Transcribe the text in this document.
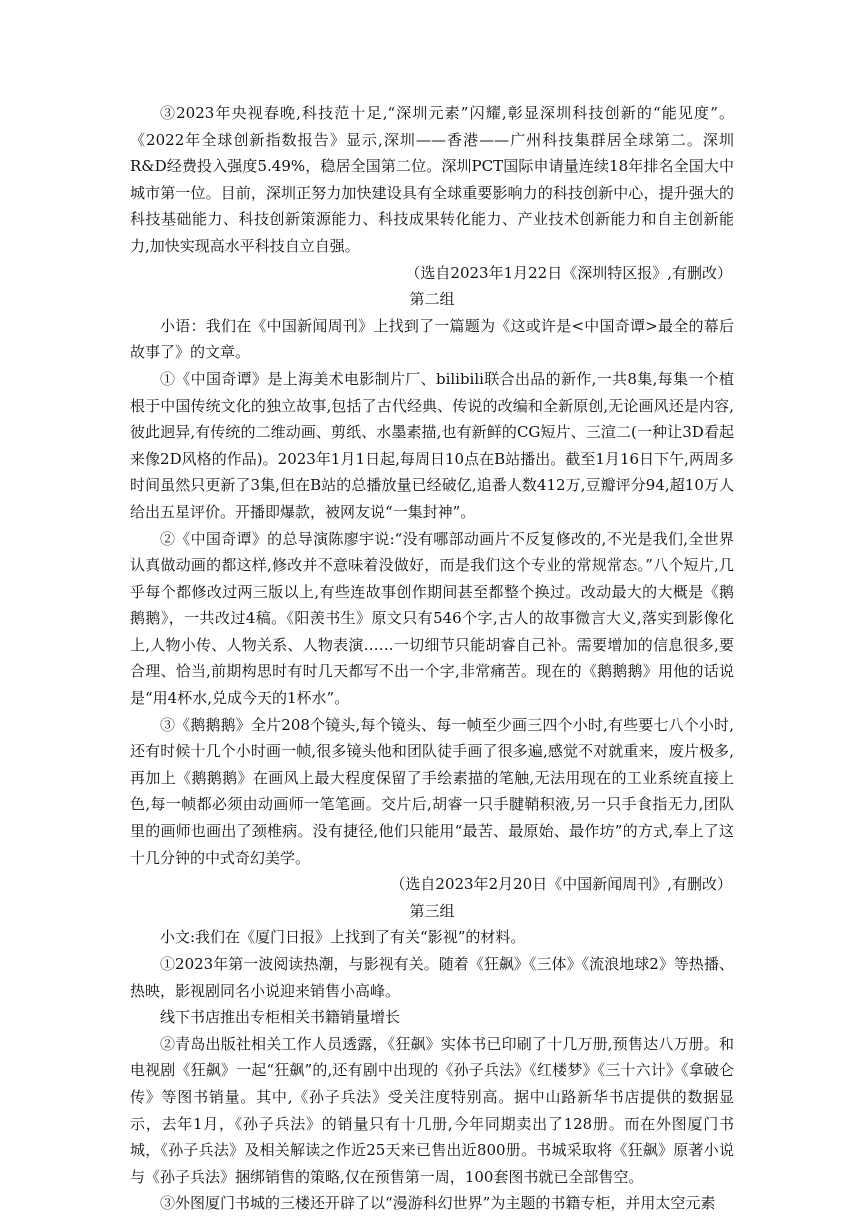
③2023年央视春晚,科技范十足,“深圳元素”闪耀,彰显深圳科技创新的“能见度”。《2022年全球创新指数报告》显示,深圳——香港——广州科技集群居全球第二。深圳R&D经费投入强度5.49%，稳居全国第二位。深圳PCT国际申请量连续18年排名全国大中城市第一位。目前，深圳正努力加快建设具有全球重要影响力的科技创新中心，提升强大的科技基础能力、科技创新策源能力、科技成果转化能力、产业技术创新能力和自主创新能力,加快实现高水平科技自立自强。

（选自2023年1月22日《深圳特区报》,有删改）

第二组

小语：我们在《中国新闻周刊》上找到了一篇题为《这或许是<中国奇谭>最全的幕后故事了》的文章。

①《中国奇谭》是上海美术电影制片厂、bilibili联合出品的新作,一共8集,每集一个植根于中国传统文化的独立故事,包括了古代经典、传说的改编和全新原创,无论画风还是内容,彼此迥异,有传统的二维动画、剪纸、水墨素描,也有新鲜的CG短片、三渲二(一种让3D看起来像2D风格的作品)。2023年1月1日起,每周日10点在B站播出。截至1月16日下午,两周多时间虽然只更新了3集,但在B站的总播放量已经破亿,追番人数412万,豆瓣评分94,超10万人给出五星评价。开播即爆款，被网友说“一集封神”。

②《中国奇谭》的总导演陈廖宇说:“没有哪部动画片不反复修改的,不光是我们,全世界认真做动画的都这样,修改并不意味着没做好，而是我们这个专业的常规常态。”八个短片,几乎每个都修改过两三版以上,有些连故事创作期间甚至都整个换过。改动最大的大概是《鹅鹅鹅》，一共改过4稿。《阳羡书生》原文只有546个字,古人的故事微言大义,落实到影像化上,人物小传、人物关系、人物表演……一切细节只能胡睿自己补。需要增加的信息很多,要合理、恰当,前期构思时有时几天都写不出一个字,非常痛苦。现在的《鹅鹅鹅》用他的话说是“用4杯水,兑成今天的1杯水”。

③《鹅鹅鹅》全片208个镜头,每个镜头、每一帧至少画三四个小时,有些要七八个小时,还有时候十几个小时画一帧,很多镜头他和团队徒手画了很多遍,感觉不对就重来，废片极多,再加上《鹅鹅鹅》在画风上最大程度保留了手绘素描的笔触,无法用现在的工业系统直接上色,每一帧都必须由动画师一笔笔画。交片后,胡睿一只手腱鞘积液,另一只手食指无力,团队里的画师也画出了颈椎病。没有捷径,他们只能用“最苦、最原始、最作坊”的方式,奉上了这十几分钟的中式奇幻美学。

（选自2023年2月20日《中国新闻周刊》,有删改）

第三组

小文:我们在《厦门日报》上找到了有关“影视”的材料。

①2023年第一波阅读热潮，与影视有关。随着《狂飙》《三体》《流浪地球2》等热播、热映，影视剧同名小说迎来销售小高峰。

线下书店推出专柜相关书籍销量增长

②青岛出版社相关工作人员透露，《狂飙》实体书已印刷了十几万册,预售达八万册。和电视剧《狂飙》一起“狂飙”的,还有剧中出现的《孙子兵法》《红楼梦》《三十六计》《拿破仑传》等图书销量。其中,《孙子兵法》受关注度特别高。据中山路新华书店提供的数据显示，去年1月，《孙子兵法》的销量只有十几册,今年同期卖出了128册。而在外图厦门书城，《孙子兵法》及相关解读之作近25天来已售出近800册。书城采取将《狂飙》原著小说与《孙子兵法》捆绑销售的策略,仅在预售第一周，100套图书就已全部售空。

③外图厦门书城的三楼还开辟了以“漫游科幻世界”为主题的书籍专柜，并用太空元素
